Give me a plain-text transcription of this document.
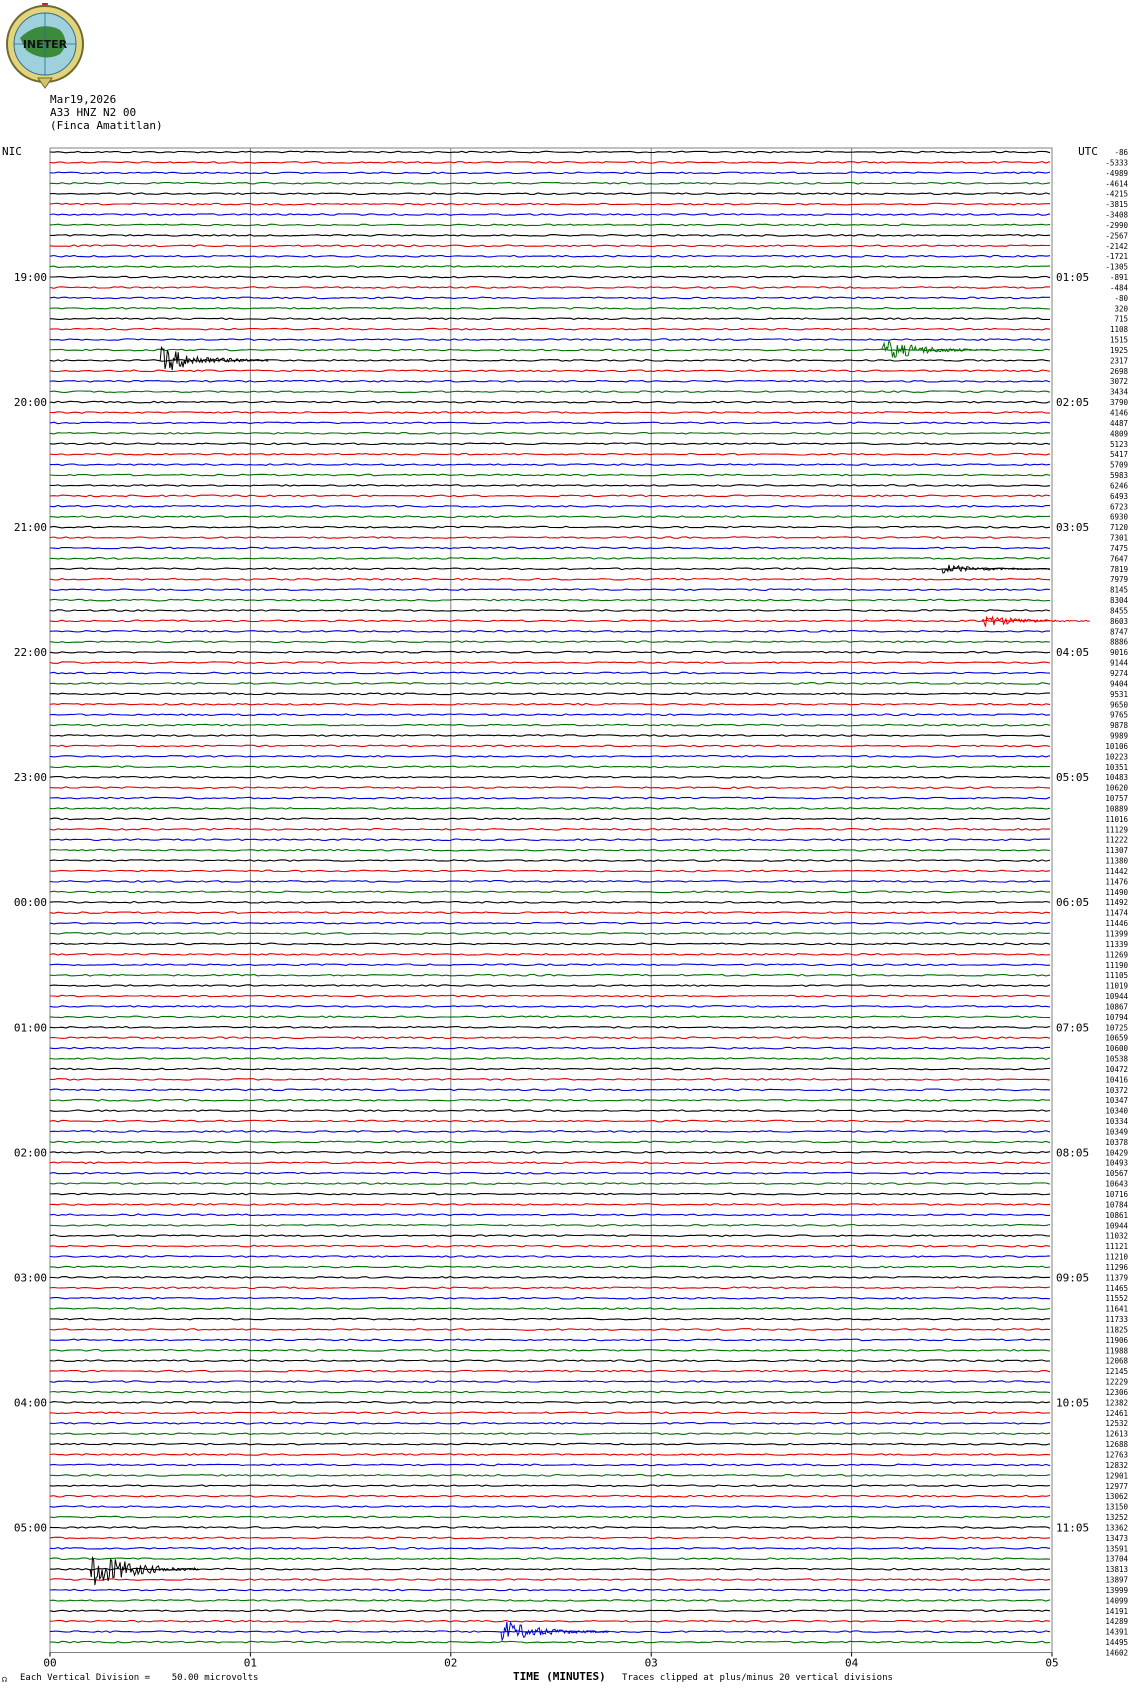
INETER
Mar19,2026
A33 HNZ N2 00
(Finca Amatitlan)
NIC	UTC
19:00
20:00
21:00
22:00
23:00
00:00
01:00
02:00
03:00
04:00
05:00
01:05
02:05
03:05
04:05
05:05
06:05
07:05
08:05
09:05
10:05
11:05
-86
-5333
-4989
-4614
-4215
-3815
-3408
-2990
-2567
-2142
-1721
-1305
-891
-484
-80
320
715
1108
1515
1925
2317
2698
3072
3434
3790
4146
4487
4809
5123
5417
5709
5983
6246
6493
6723
6930
7120
7301
7475
7647
7819
7979
8145
8304
8455
8603
8747
8886
9016
9144
9274
9404
9531
9650
9765
9878
9989
10106
10223
10351
10483
10620
10757
10889
11016
11129
11222
11307
11380
11442
11476
11490
11492
11474
11446
11399
11339
11269
11190
11105
11019
10944
10867
10794
10725
10659
10600
10538
10472
10416
10372
10347
10340
10334
10349
10378
10429
10493
10567
10643
10716
10784
10861
10944
11032
11121
11210
11296
11379
11465
11552
11641
11733
11825
11906
11988
12068
12145
12229
12306
12382
12461
12532
12613
12688
12763
12832
12901
12977
13062
13150
13252
13362
13473
13591
13704
13813
13897
13999
14099
14191
14289
14391
14495
14602
00	01	02	03	04	05
☊ Each Vertical Division =    50.00 microvolts	TIME (MINUTES) Traces clipped at plus/minus 20 vertical divisions
